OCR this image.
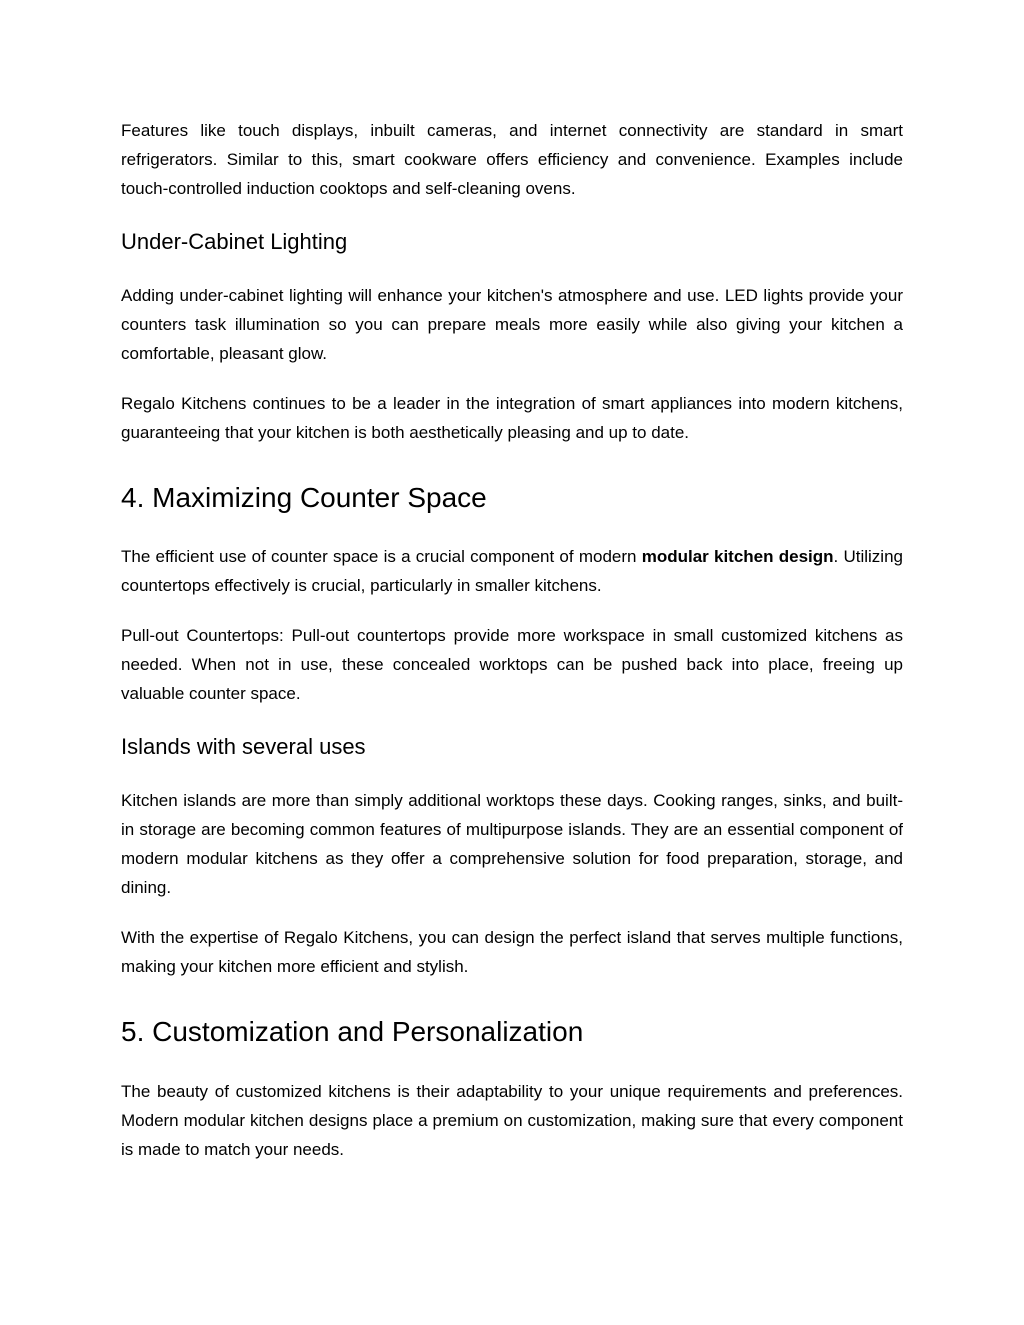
Features like touch displays, inbuilt cameras, and internet connectivity are standard in smart refrigerators. Similar to this, smart cookware offers efficiency and convenience. Examples include touch-controlled induction cooktops and self-cleaning ovens.

Under-Cabinet Lighting

Adding under-cabinet lighting will enhance your kitchen's atmosphere and use. LED lights provide your counters task illumination so you can prepare meals more easily while also giving your kitchen a comfortable, pleasant glow.

Regalo Kitchens continues to be a leader in the integration of smart appliances into modern kitchens, guaranteeing that your kitchen is both aesthetically pleasing and up to date.

4. Maximizing Counter Space

The efficient use of counter space is a crucial component of modern modular kitchen design. Utilizing countertops effectively is crucial, particularly in smaller kitchens.

Pull-out Countertops: Pull-out countertops provide more workspace in small customized kitchens as needed. When not in use, these concealed worktops can be pushed back into place, freeing up valuable counter space.

Islands with several uses

Kitchen islands are more than simply additional worktops these days. Cooking ranges, sinks, and built-in storage are becoming common features of multipurpose islands. They are an essential component of modern modular kitchens as they offer a comprehensive solution for food preparation, storage, and dining.

With the expertise of Regalo Kitchens, you can design the perfect island that serves multiple functions, making your kitchen more efficient and stylish.

5. Customization and Personalization

The beauty of customized kitchens is their adaptability to your unique requirements and preferences. Modern modular kitchen designs place a premium on customization, making sure that every component is made to match your needs.
